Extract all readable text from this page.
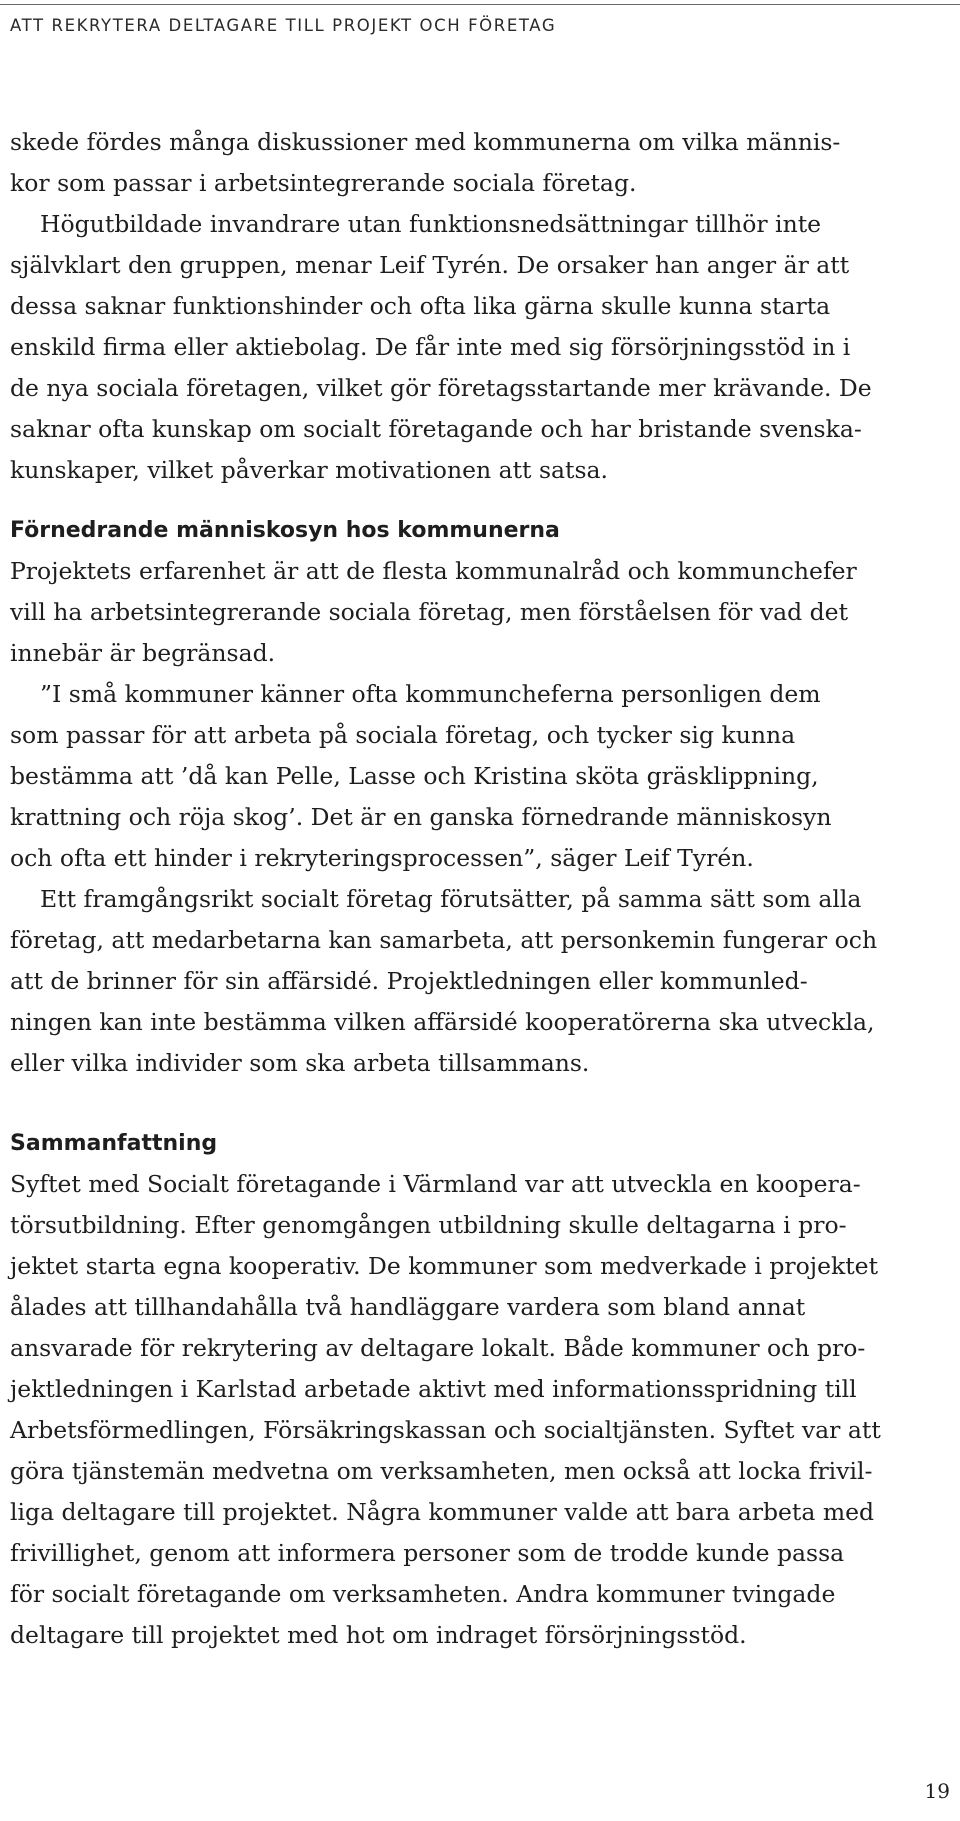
ATT REKRYTERA DELTAGARE TILL PROJEKT OCH FÖRETAG

skede fördes många diskussioner med kommunerna om vilka männis-
kor som passar i arbetsintegrerande sociala företag.

Högutbildade invandrare utan funktionsnedsättningar tillhör inte
självklart den gruppen, menar Leif Tyrén. De orsaker han anger är att
dessa saknar funktionshinder och ofta lika gärna skulle kunna starta
enskild firma eller aktiebolag. De får inte med sig försörjningsstöd in i
de nya sociala företagen, vilket gör företagsstartande mer krävande. De
saknar ofta kunskap om socialt företagande och har bristande svenska-
kunskaper, vilket påverkar motivationen att satsa.

Förnedrande människosyn hos kommunerna

Projektets erfarenhet är att de flesta kommunalråd och kommunchefer
vill ha arbetsintegrerande sociala företag, men förståelsen för vad det
innebär är begränsad.

”I små kommuner känner ofta kommuncheferna personligen dem
som passar för att arbeta på sociala företag, och tycker sig kunna
bestämma att ’då kan Pelle, Lasse och Kristina sköta gräsklippning,
krattning och röja skog’. Det är en ganska förnedrande människosyn
och ofta ett hinder i rekryteringsprocessen”, säger Leif Tyrén.

Ett framgångsrikt socialt företag förutsätter, på samma sätt som alla
företag, att medarbetarna kan samarbeta, att personkemin fungerar och
att de brinner för sin affärsidé. Projektledningen eller kommunled-
ningen kan inte bestämma vilken affärsidé kooperatörerna ska utveckla,
eller vilka individer som ska arbeta tillsammans.

Sammanfattning

Syftet med Socialt företagande i Värmland var att utveckla en koopera-
törsutbildning. Efter genomgången utbildning skulle deltagarna i pro-
jektet starta egna kooperativ. De kommuner som medverkade i projektet
ålades att tillhandahålla två handläggare vardera som bland annat
ansvarade för rekrytering av deltagare lokalt. Både kommuner och pro-
jektledningen i Karlstad arbetade aktivt med informationsspridning till
Arbetsförmedlingen, Försäkringskassan och socialtjänsten. Syftet var att
göra tjänstemän medvetna om verksamheten, men också att locka frivil-
liga deltagare till projektet. Några kommuner valde att bara arbeta med
frivillighet, genom att informera personer som de trodde kunde passa
för socialt företagande om verksamheten. Andra kommuner tvingade
deltagare till projektet med hot om indraget försörjningsstöd.

19
